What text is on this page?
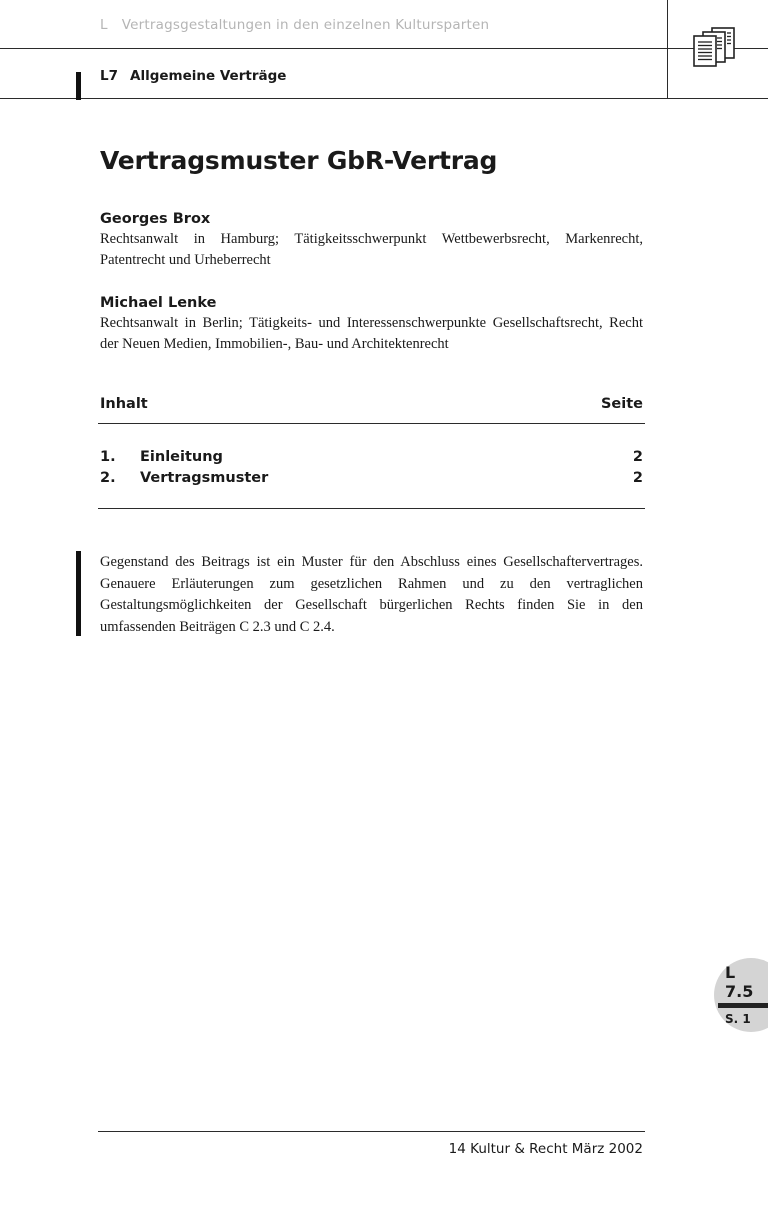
L Vertragsgestaltungen in den einzelnen Kultursparten
L7 Allgemeine Verträge
Vertragsmuster GbR-Vertrag
Georges Brox
Rechtsanwalt in Hamburg; Tätigkeitsschwerpunkt Wettbewerbsrecht, Markenrecht, Patentrecht und Urheberrecht
Michael Lenke
Rechtsanwalt in Berlin; Tätigkeits- und Interessenschwerpunkte Gesellschaftsrecht, Recht der Neuen Medien, Immobilien-, Bau- und Architektenrecht
Inhalt	Seite
1.	Einleitung	2
2.	Vertragsmuster	2
Gegenstand des Beitrags ist ein Muster für den Abschluss eines Gesellschaftervertrages. Genauere Erläuterungen zum gesetzlichen Rahmen und zu den vertraglichen Gestaltungsmöglichkeiten der Gesellschaft bürgerlichen Rechts finden Sie in den umfassenden Beiträgen C 2.3 und C 2.4.
L
7.5
S. 1
14 Kultur & Recht März 2002
